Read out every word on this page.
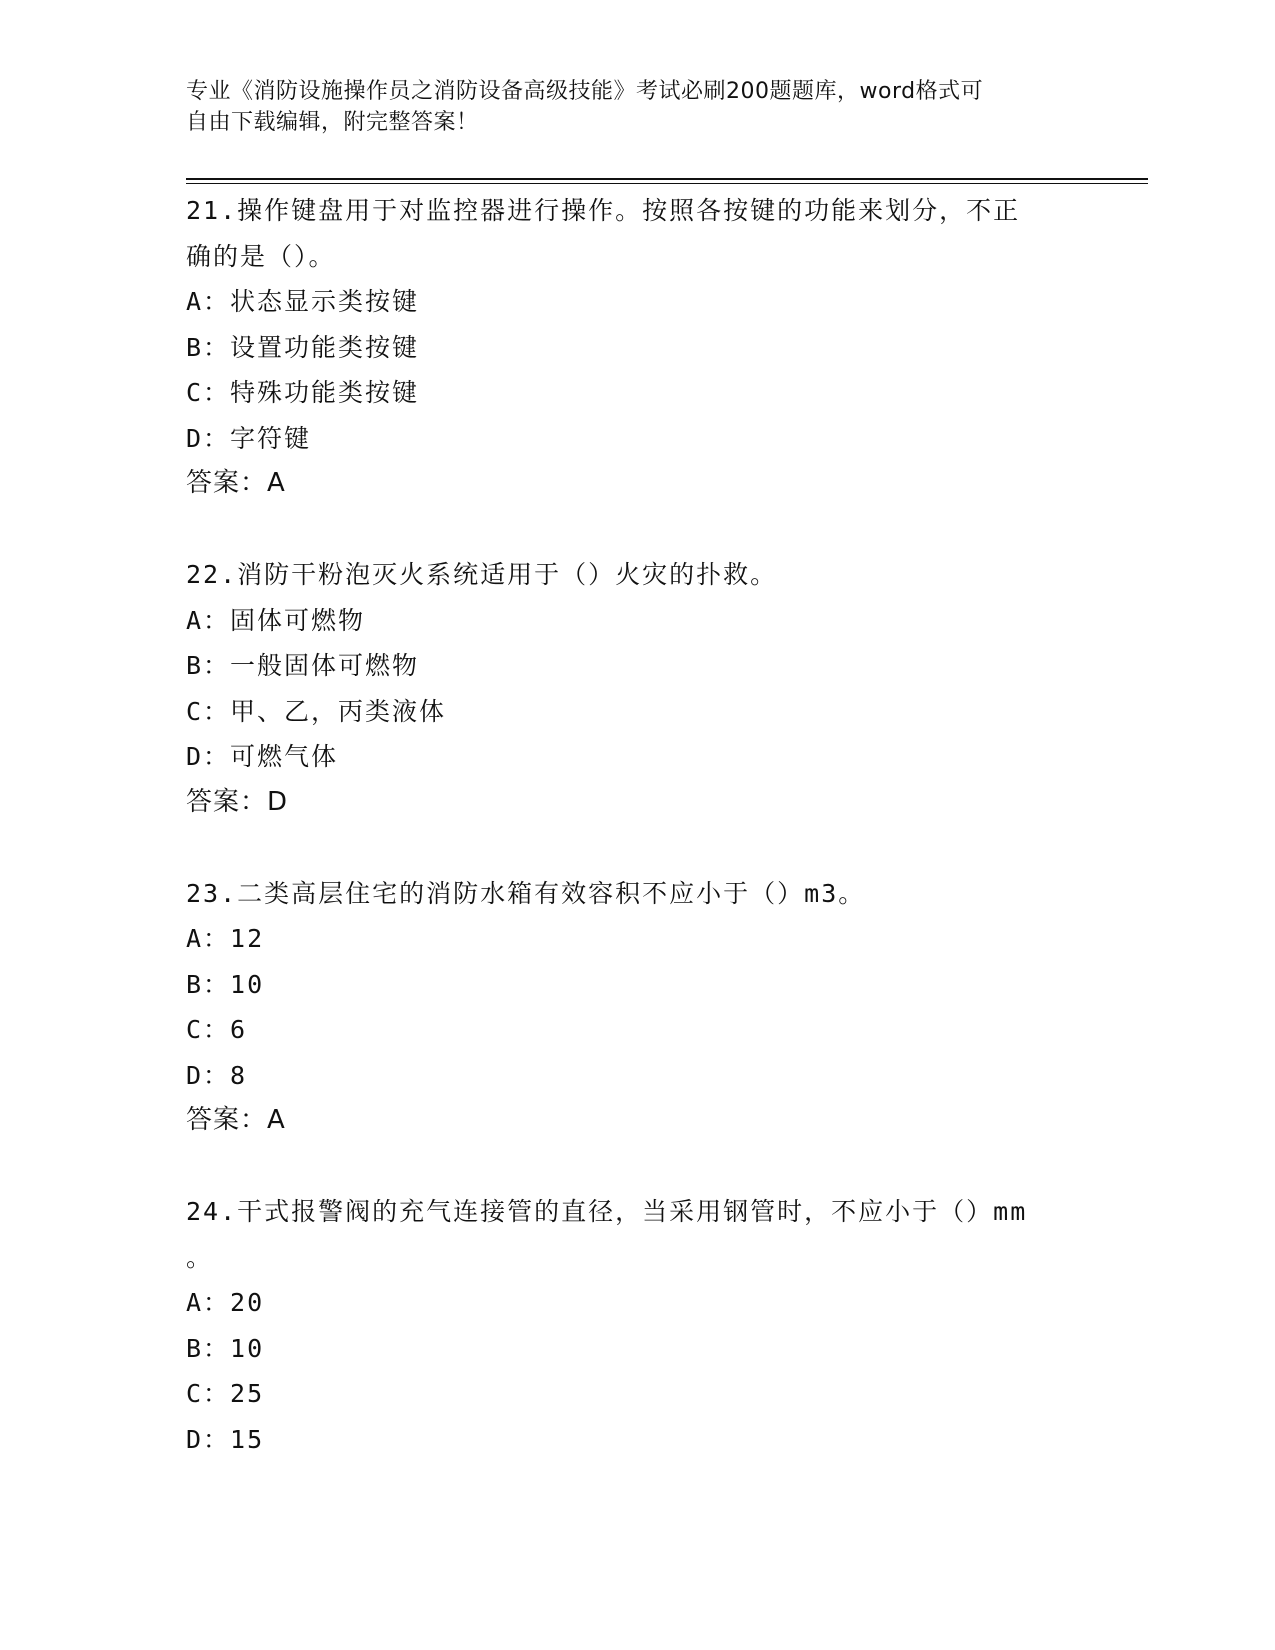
专业《消防设施操作员之消防设备高级技能》考试必刷200题题库，word格式可
自由下载编辑，附完整答案！
21.操作键盘用于对监控器进行操作。按照各按键的功能来划分，不正
确的是（）。
A：状态显示类按键
B：设置功能类按键
C：特殊功能类按键
D：字符键
答案：A
22.消防干粉泡灭火系统适用于（）火灾的扑救。
A：固体可燃物
B：一般固体可燃物
C：甲、乙，丙类液体
D：可燃气体
答案：D
23.二类高层住宅的消防水箱有效容积不应小于（）m3。
A：12
B：10
C：6
D：8
答案：A
24.干式报警阀的充气连接管的直径，当采用钢管时，不应小于（）mm
。
A：20
B：10
C：25
D：15
